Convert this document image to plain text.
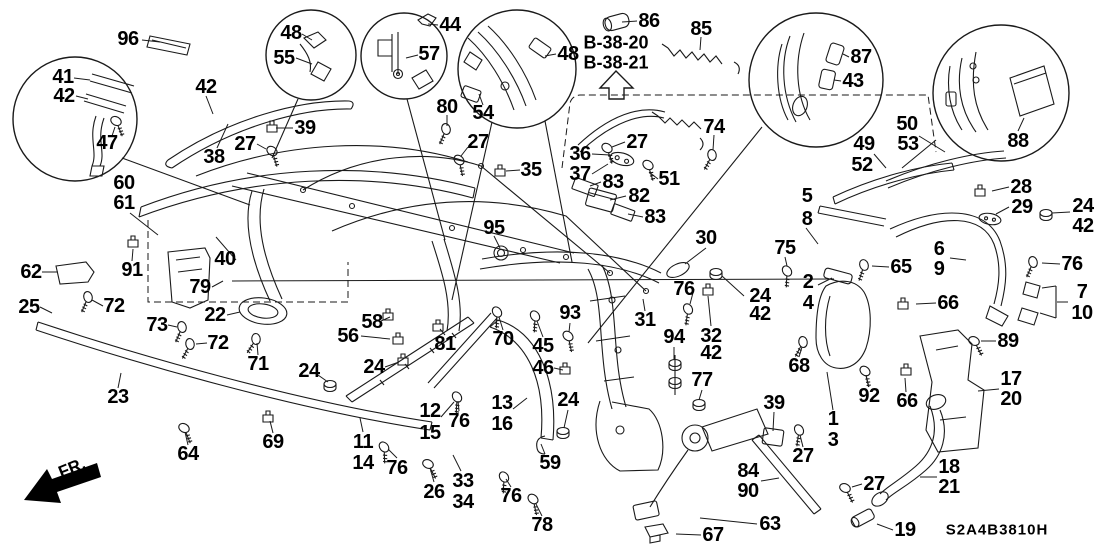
FR.
96
41
42
47
48
55
42
38
39
27
60
61
44
57
80 54
48
86 85
74
27
35
95
36
37
27
83
82
83
51
87
43
88
50
53
49
52
28
29 24
42
5
8
75
76
6
9
65
66	7
10
2
4
62	91	40
79
25	72	22
73
72
71
23
64
69
24
58
56
24
81 70 45
46
93
24
12
15
76
13
16
11
14 76
26 33
34 76
59
78
30
31
32
42
94
76
77
24
42
68
92 66
89
17
20
39
27
1
3
84
90
63
67
27
18
21
19
B-38-20
B-38-21
S2A4B3810H
